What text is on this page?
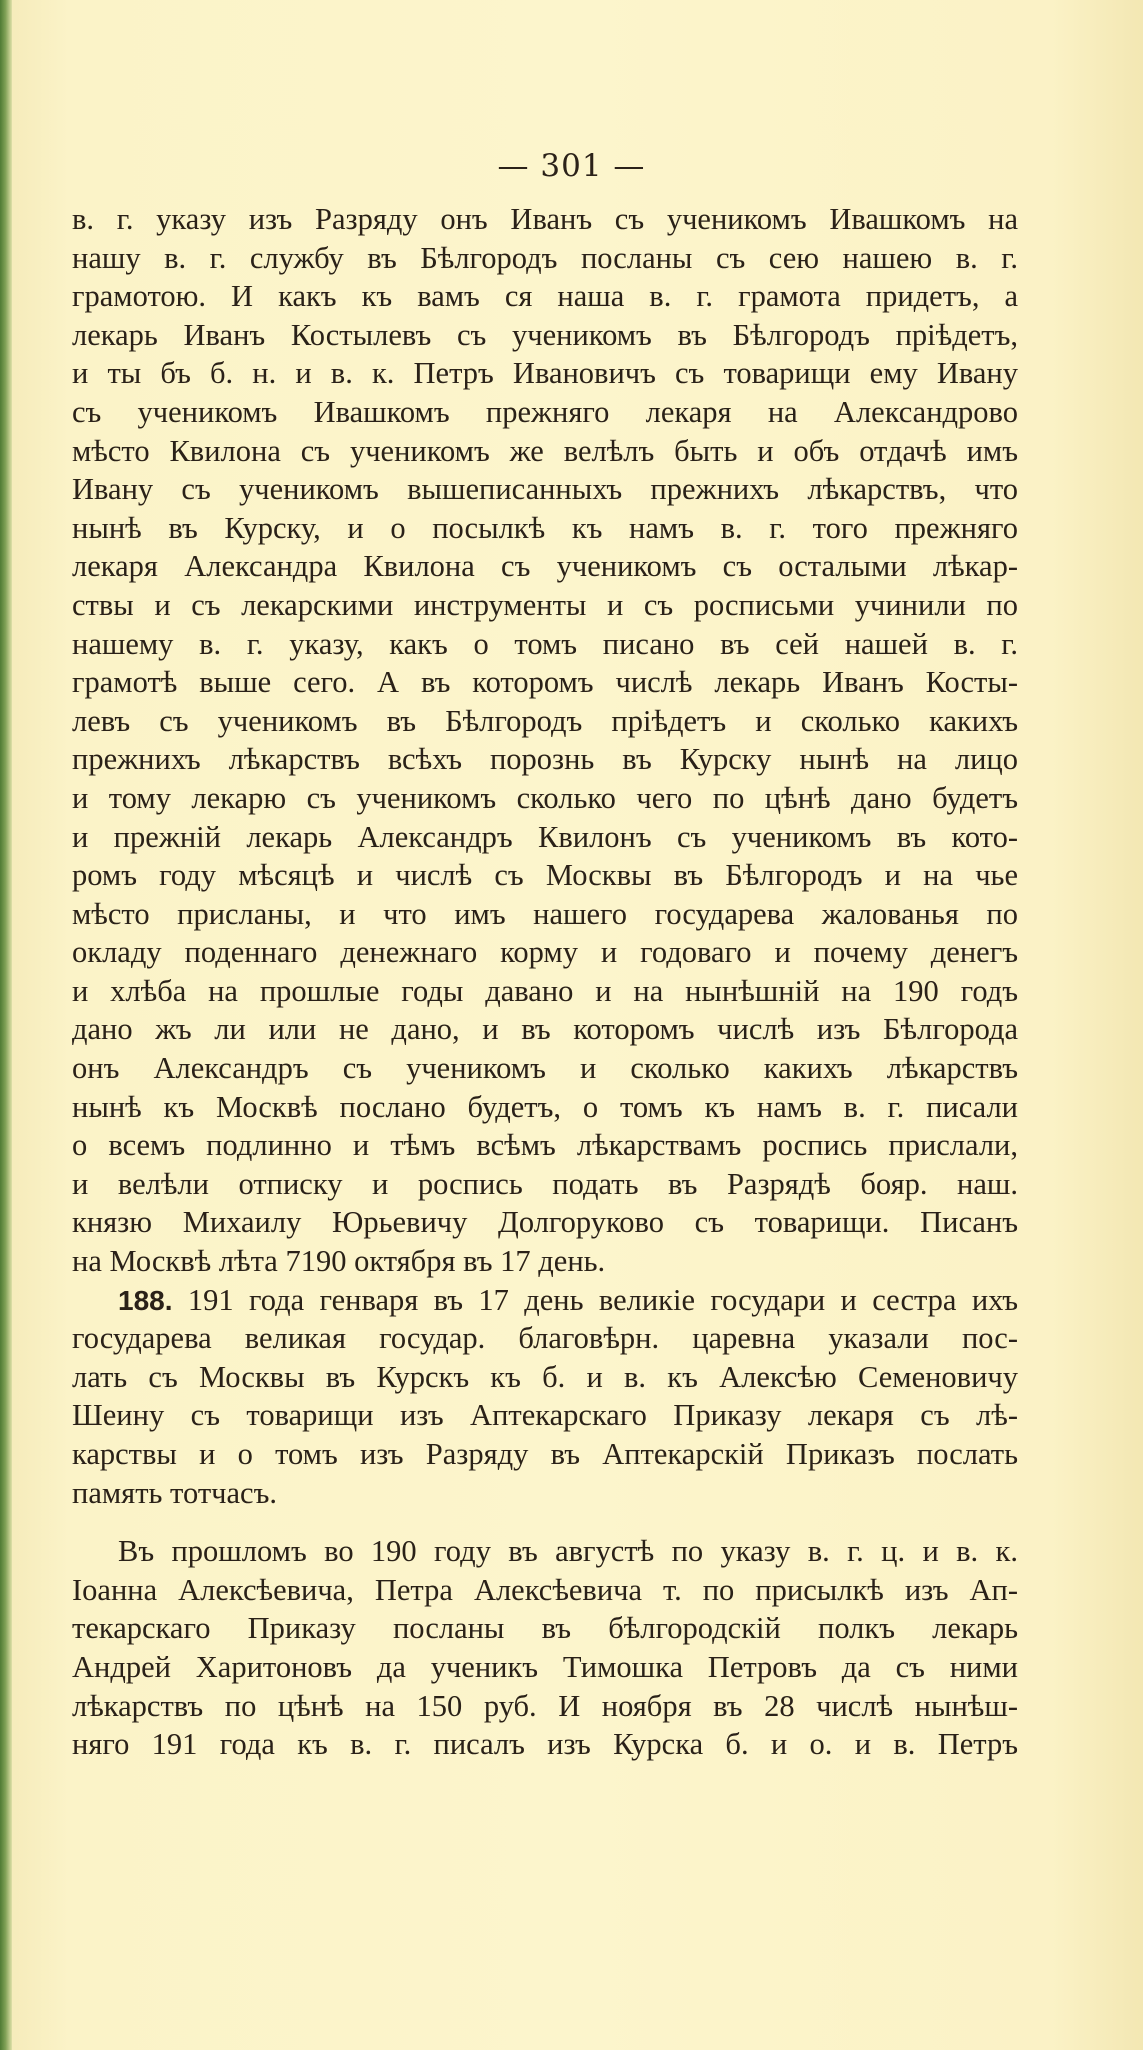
— 301 —
в. г. указу изъ Разряду онъ Иванъ съ ученикомъ Ивашкомъ на
нашу в. г. службу въ Бѣлгородъ посланы съ сею нашею в. г.
грамотою. И какъ къ вамъ ся наша в. г. грамота придетъ, а
лекарь Иванъ Костылевъ съ ученикомъ въ Бѣлгородъ пріѣдетъ,
и ты бъ б. н. и в. к. Петръ Ивановичъ съ товарищи ему Ивану
съ ученикомъ Ивашкомъ прежняго лекаря на Александрово
мѣсто Квилона съ ученикомъ же велѣлъ быть и объ отдачѣ имъ
Ивану съ ученикомъ вышеписанныхъ прежнихъ лѣкарствъ, что
нынѣ въ Курску, и о посылкѣ къ намъ в. г. того прежняго
лекаря Александра Квилона съ ученикомъ съ осталыми лѣкар-
ствы и съ лекарскими инструменты и съ росписьми учинили по
нашему в. г. указу, какъ о томъ писано въ сей нашей в. г.
грамотѣ выше сего. А въ которомъ числѣ лекарь Иванъ Косты-
левъ съ ученикомъ въ Бѣлгородъ пріѣдетъ и сколько какихъ
прежнихъ лѣкарствъ всѣхъ порознь въ Курску нынѣ на лицо
и тому лекарю съ ученикомъ сколько чего по цѣнѣ дано будетъ
и прежній лекарь Александръ Квилонъ съ ученикомъ въ кото-
ромъ году мѣсяцѣ и числѣ съ Москвы въ Бѣлгородъ и на чье
мѣсто присланы, и что имъ нашего государева жалованья по
окладу поденнаго денежнаго корму и годоваго и почему денегъ
и хлѣба на прошлые годы давано и на нынѣшній на 190 годъ
дано жъ ли или не дано, и въ которомъ числѣ изъ Бѣлгорода
онъ Александръ съ ученикомъ и сколько какихъ лѣкарствъ
нынѣ къ Москвѣ послано будетъ, о томъ къ намъ в. г. писали
о всемъ подлинно и тѣмъ всѣмъ лѣкарствамъ роспись прислали,
и велѣли отписку и роспись подать въ Разрядѣ бояр. наш.
князю Михаилу Юрьевичу Долгоруково съ товарищи. Писанъ
на Москвѣ лѣта 7190 октября въ 17 день.
188. 191 года генваря въ 17 день великіе государи и сестра ихъ
государева великая государ. благовѣрн. царевна указали пос-
лать съ Москвы въ Курскъ къ б. и в. къ Алексѣю Семеновичу
Шеину съ товарищи изъ Аптекарскаго Приказу лекаря съ лѣ-
карствы и о томъ изъ Разряду въ Аптекарскій Приказъ послать
память тотчасъ.
Въ прошломъ во 190 году въ августѣ по указу в. г. ц. и в. к.
Іоанна Алексѣевича, Петра Алексѣевича т. по присылкѣ изъ Ап-
текарскаго Приказу посланы въ бѣлгородскій полкъ лекарь
Андрей Харитоновъ да ученикъ Тимошка Петровъ да съ ними
лѣкарствъ по цѣнѣ на 150 руб. И ноября въ 28 числѣ нынѣш-
няго 191 года къ в. г. писалъ изъ Курска б. и о. и в. Петръ
